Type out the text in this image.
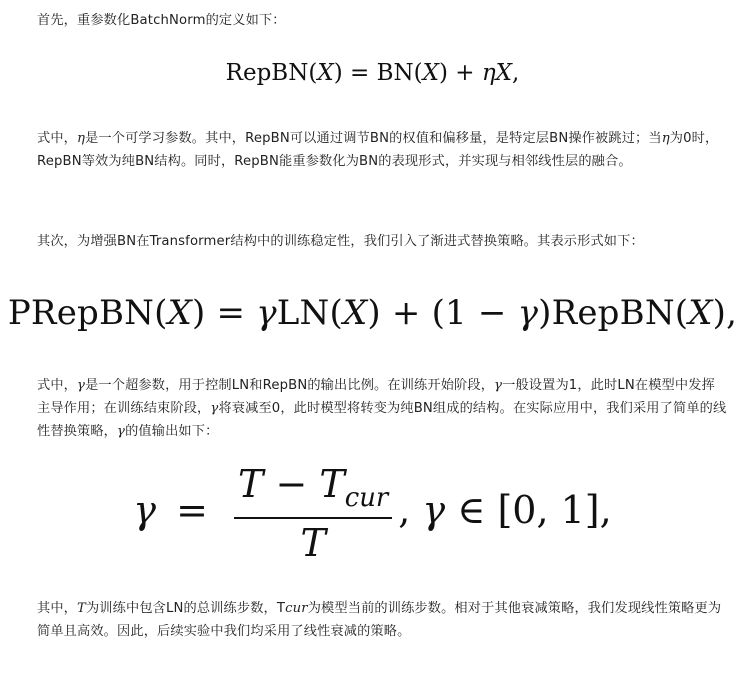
首先，重参数化BatchNorm的定义如下：

RepBN(X) = BN(X) + ηX,

式中，η是一个可学习参数。其中，RepBN可以通过调节BN的权值和偏移量，是特定层BN操作被跳过；当η为0时，RepBN等效为纯BN结构。同时，RepBN能重参数化为BN的表现形式，并实现与相邻线性层的融合。

其次，为增强BN在Transformer结构中的训练稳定性，我们引入了渐进式替换策略。其表示形式如下：

PRepBN(X) = γLN(X) + (1 − γ)RepBN(X),

式中，γ是一个超参数，用于控制LN和RepBN的输出比例。在训练开始阶段，γ一般设置为1，此时LN在模型中发挥主导作用；在训练结束阶段，γ将衰减至0，此时模型将转变为纯BN组成的结构。在实际应用中，我们采用了简单的线性替换策略，γ的值输出如下：

$\gamma = \frac{T - T_{cur}}{T}$ , γ ∈ [0, 1],

其中，T为训练中包含LN的总训练步数，Tcur为模型当前的训练步数。相对于其他衰减策略，我们发现线性策略更为简单且高效。因此，后续实验中我们均采用了线性衰减的策略。
